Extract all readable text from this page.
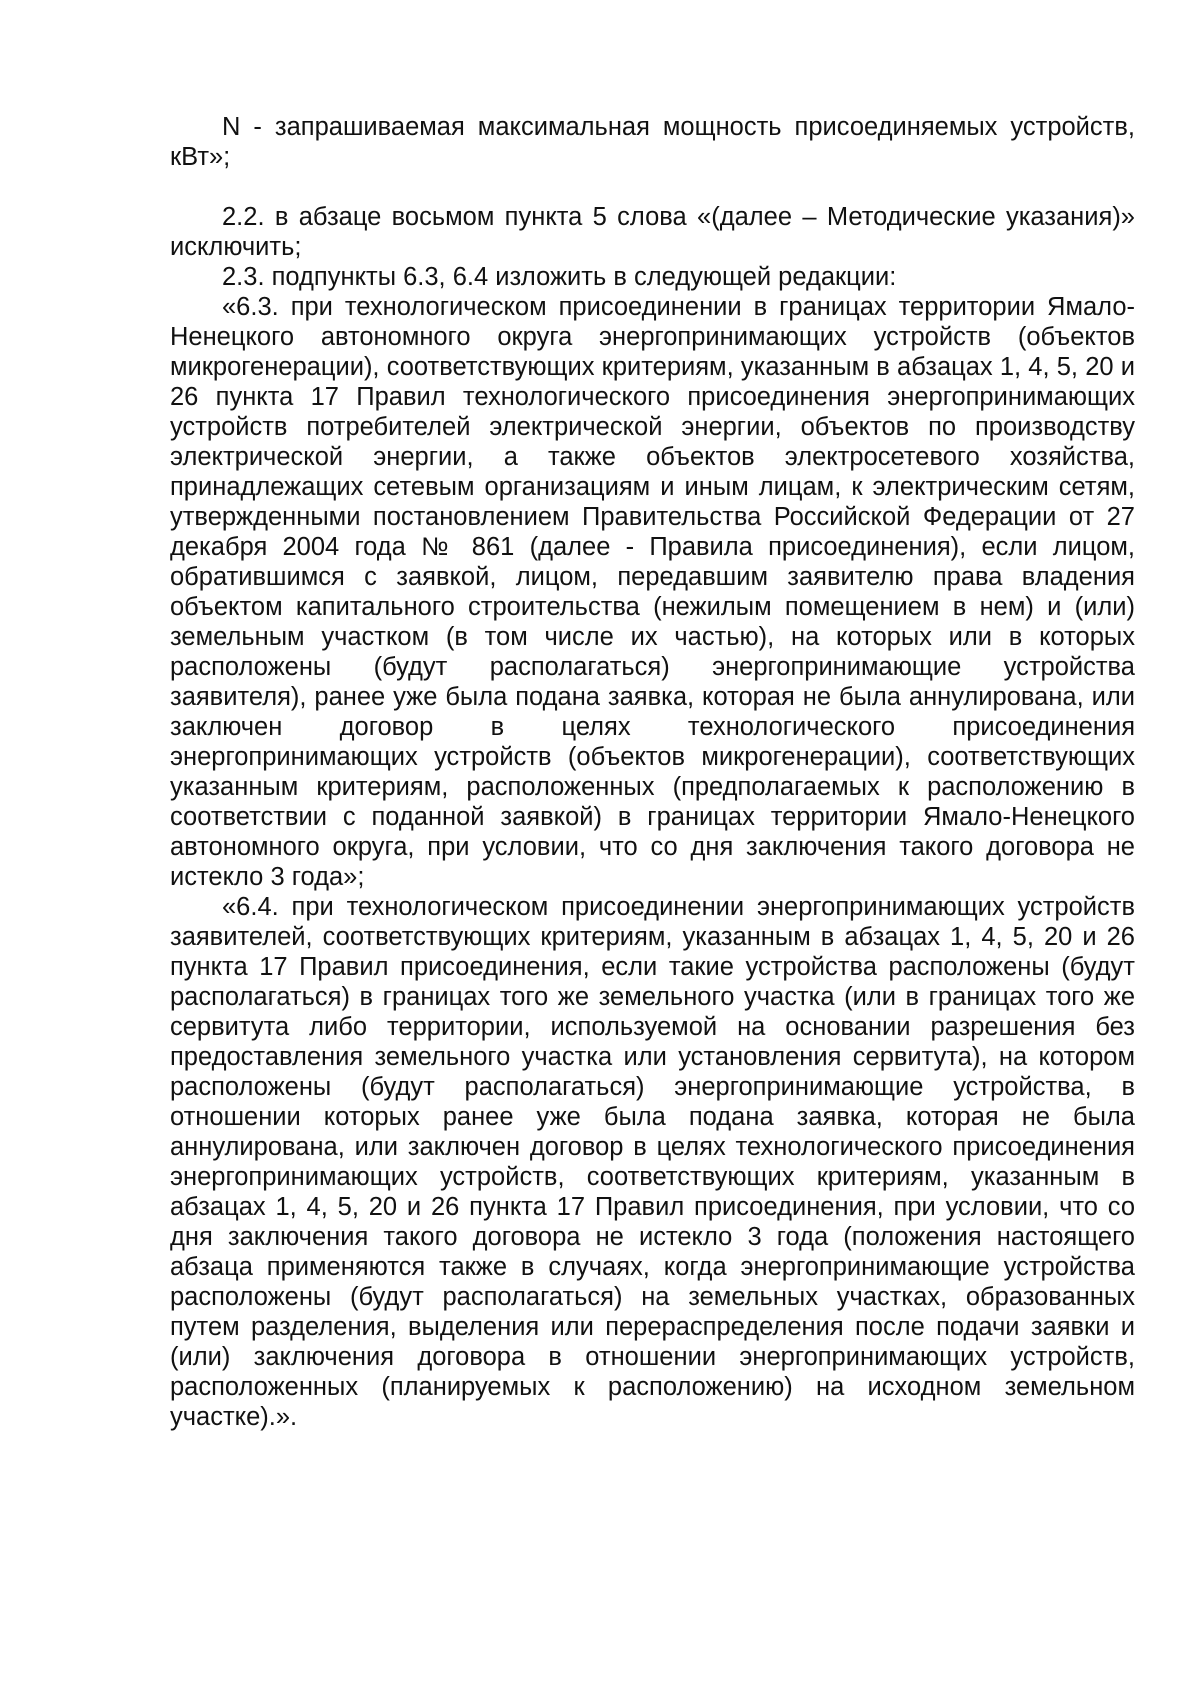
N - запрашиваемая максимальная мощность присоединяемых устройств, кВт»;

2.2. в абзаце восьмом пункта 5 слова «(далее – Методические указания)» исключить;

2.3. подпункты 6.3, 6.4 изложить в следующей редакции:

«6.3. при технологическом присоединении в границах территории Ямало-Ненецкого автономного округа энергопринимающих устройств (объектов микрогенерации), соответствующих критериям, указанным в абзацах 1, 4, 5, 20 и 26 пункта 17 Правил технологического присоединения энергопринимающих устройств потребителей электрической энергии, объектов по производству электрической энергии, а также объектов электросетевого хозяйства, принадлежащих сетевым организациям и иным лицам, к электрическим сетям, утвержденными постановлением Правительства Российской Федерации от 27 декабря 2004 года № 861 (далее - Правила присоединения), если лицом, обратившимся с заявкой, лицом, передавшим заявителю права владения объектом капитального строительства (нежилым помещением в нем) и (или) земельным участком (в том числе их частью), на которых или в которых расположены (будут располагаться) энергопринимающие устройства заявителя), ранее уже была подана заявка, которая не была аннулирована, или заключен договор в целях технологического присоединения энергопринимающих устройств (объектов микрогенерации), соответствующих указанным критериям, расположенных (предполагаемых к расположению в соответствии с поданной заявкой) в границах территории Ямало-Ненецкого автономного округа, при условии, что со дня заключения такого договора не истекло 3 года»;

«6.4. при технологическом присоединении энергопринимающих устройств заявителей, соответствующих критериям, указанным в абзацах 1, 4, 5, 20 и 26 пункта 17 Правил присоединения, если такие устройства расположены (будут располагаться) в границах того же земельного участка (или в границах того же сервитута либо территории, используемой на основании разрешения без предоставления земельного участка или установления сервитута), на котором расположены (будут располагаться) энергопринимающие устройства, в отношении которых ранее уже была подана заявка, которая не была аннулирована, или заключен договор в целях технологического присоединения энергопринимающих устройств, соответствующих критериям, указанным в абзацах 1, 4, 5, 20 и 26 пункта 17 Правил присоединения, при условии, что со дня заключения такого договора не истекло 3 года (положения настоящего абзаца применяются также в случаях, когда энергопринимающие устройства расположены (будут располагаться) на земельных участках, образованных путем разделения, выделения или перераспределения после подачи заявки и (или) заключения договора в отношении энергопринимающих устройств, расположенных (планируемых к расположению) на исходном земельном участке).».
